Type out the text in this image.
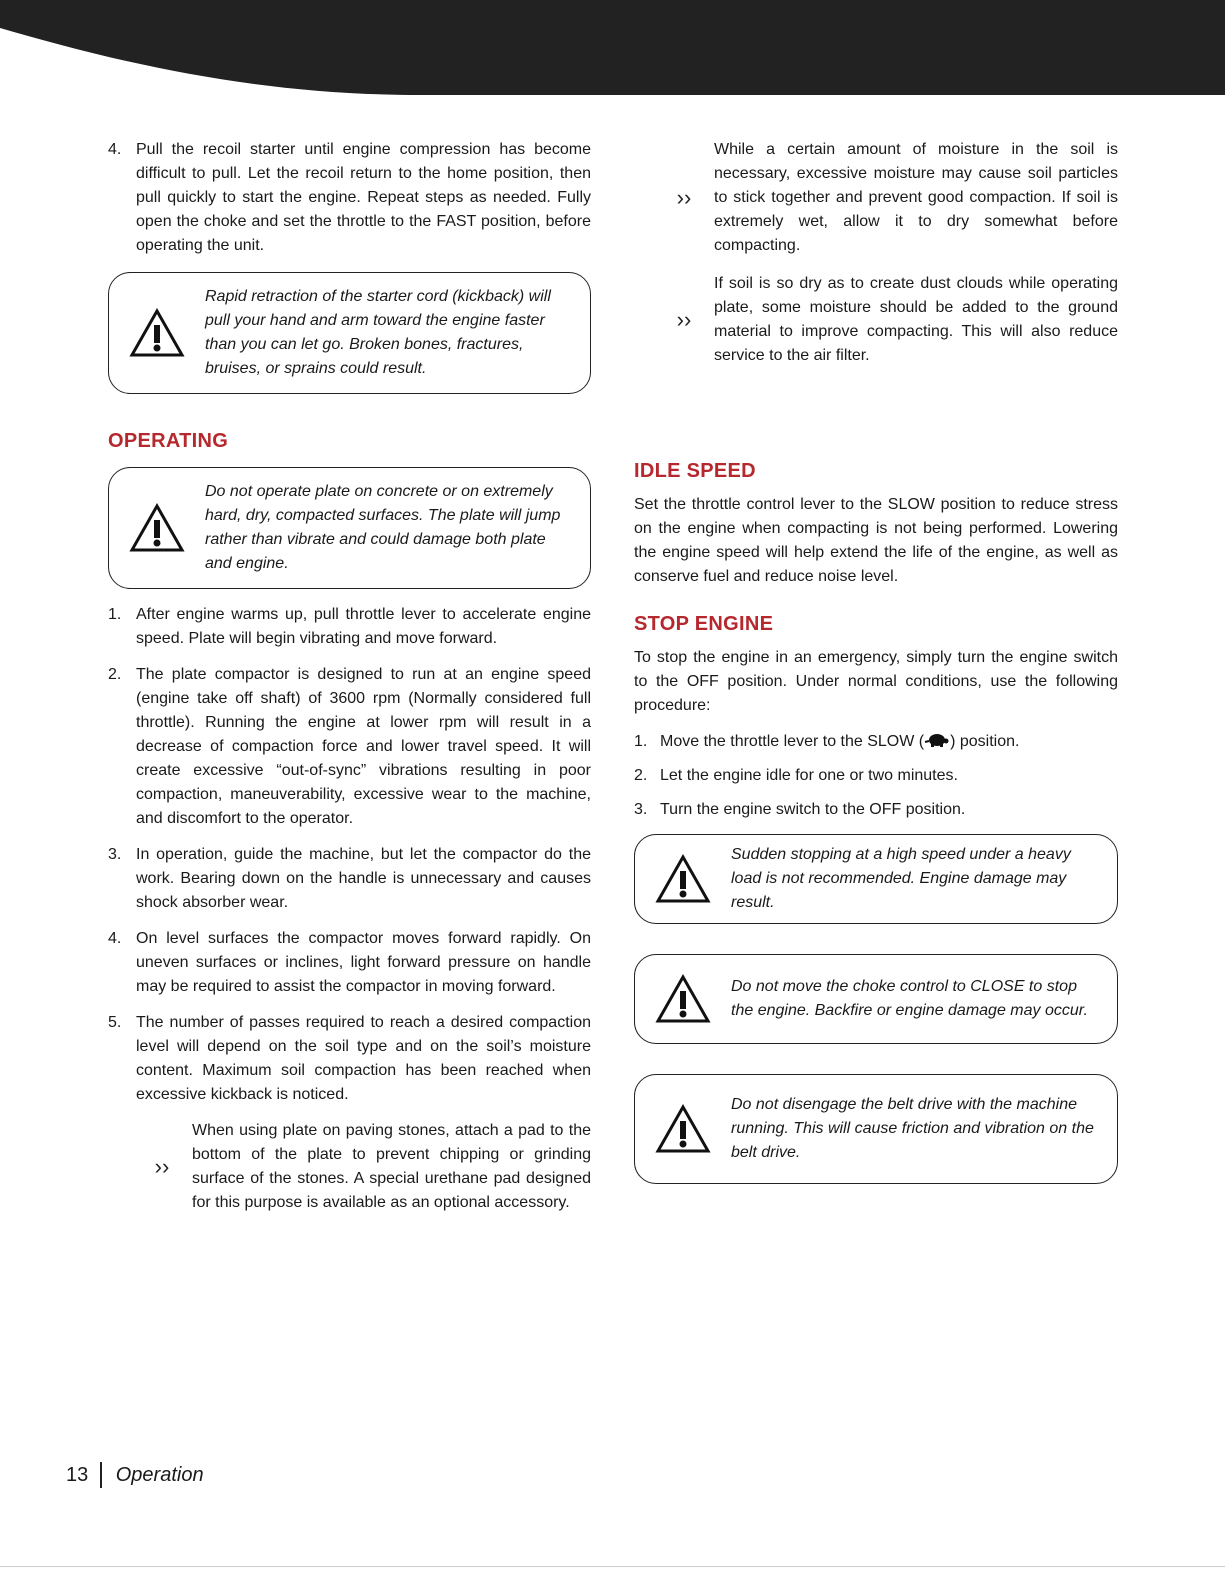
4. Pull the recoil starter until engine compression has become difficult to pull. Let the recoil return to the home position, then pull quickly to start the engine. Repeat steps as needed. Fully open the choke and set the throttle to the FAST position, before operating the unit.
Rapid retraction of the starter cord (kickback) will pull your hand and arm toward the engine faster than you can let go. Broken bones, fractures, bruises, or sprains could result.
OPERATING
Do not operate plate on concrete or on extremely hard, dry, compacted surfaces. The plate will jump rather than vibrate and could damage both plate and engine.
1. After engine warms up, pull throttle lever to accelerate engine speed. Plate will begin vibrating and move forward.
2. The plate compactor is designed to run at an engine speed (engine take off shaft) of 3600 rpm (Normally considered full throttle). Running the engine at lower rpm will result in a decrease of compaction force and lower travel speed. It will create excessive “out-of-sync” vibrations resulting in poor compaction, maneuverability, excessive wear to the machine, and discomfort to the operator.
3. In operation, guide the machine, but let the compactor do the work. Bearing down on the handle is unnecessary and causes shock absorber wear.
4. On level surfaces the compactor moves forward rapidly. On uneven surfaces or inclines, light forward pressure on handle may be required to assist the compactor in moving forward.
5. The number of passes required to reach a desired compaction level will depend on the soil type and on the soil’s moisture content. Maximum soil compaction has been reached when excessive kickback is noticed.
››
When using plate on paving stones, attach a pad to the bottom of the plate to prevent chipping or grinding surface of the stones. A special urethane pad designed for this purpose is available as an optional accessory.
››
While a certain amount of moisture in the soil is necessary, excessive moisture may cause soil particles to stick together and prevent good compaction. If soil is extremely wet, allow it to dry somewhat before compacting.
››
If soil is so dry as to create dust clouds while operating plate, some moisture should be added to the ground material to improve compacting. This will also reduce service to the air filter.
IDLE SPEED
Set the throttle control lever to the SLOW position to reduce stress on the engine when compacting is not being performed. Lowering the engine speed will help extend the life of the engine, as well as conserve fuel and reduce noise level.
STOP ENGINE
To stop the engine in an emergency, simply turn the engine switch to the OFF position. Under normal conditions, use the following procedure:
1. Move the throttle lever to the SLOW ( ) position.
2. Let the engine idle for one or two minutes.
3. Turn the engine switch to the OFF position.
Sudden stopping at a high speed under a heavy load is not recommended. Engine damage may result.
Do not move the choke control to CLOSE to stop the engine. Backfire or engine damage may occur.
Do not disengage the belt drive with the machine running. This will cause friction and vibration on the belt drive.
13 Operation
